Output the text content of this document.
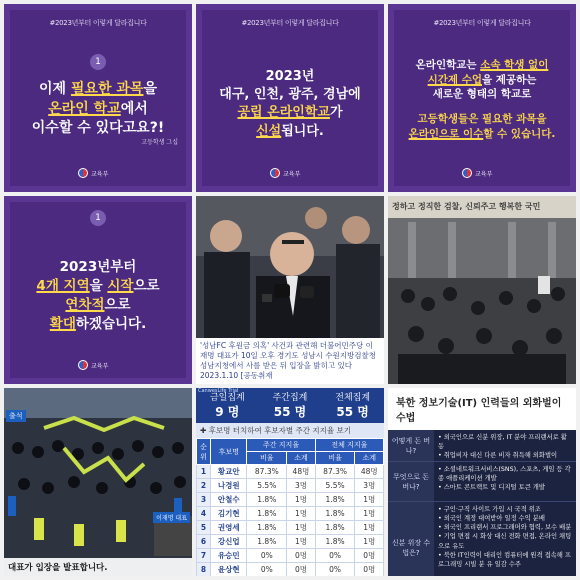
#2023년부터 이렇게 달라집니다
1
이제 필요한 과목을
온라인 학교에서
이수할 수 있다고요?!
고등학생 그십
교육부
#2023년부터 이렇게 달라집니다
2023년
대구, 인천, 광주, 경남에
공립 온라인학교가
신설됩니다.
교육부
#2023년부터 이렇게 달라집니다
온라인학교는 소속 학생 없이
시간제 수업을 제공하는
새로운 형태의 학교로
고등학생들은 필요한 과목을
온라인으로 이수할 수 있습니다.
교육부
1
2023년부터
4개 지역을 시작으로
연차적으로
확대하겠습니다.
교육부
'성남FC 후원금 의혹' 사건과 관련해 더불어민주당 이재명 대표가 10일 오후 경기도 성남시 수원지방검찰청 성남지청에서 사를 받은 뒤 입장을 밝히고 있다 2023.1.10 [공동취재
정하고 정직한 검찰, 신뢰주고 행복한 국민
출석
이재명 대표
대표가 입장을 발표합니다.
CanwesLife Trial
금일집계
9 명
주간집계
55 명
전체집계
55 명
✚ 후보명 터치하여 후보자별 주간 지지율 보기
순위	후보명	주간 지지율		전체 지지율	
		비율	소계	비율	소계
1	황교안	87.3%	48명	87.3%	48명
2	나경원	5.5%	3명	5.5%	3명
3	안철수	1.8%	1명	1.8%	1명
4	김기현	1.8%	1명	1.8%	1명
5	권영세	1.8%	1명	1.8%	1명
6	강신업	1.8%	1명	1.8%	1명
7	유승민	0%	0명	0%	0명
8	윤상현	0%	0명	0%	0명
북한 정보기술(IT) 인력들의 외화벌이 수법
어떻게 돈 버나?
• 외국인으로 신분 위장, IT 분야 프리랜서로 활동
• 취업비자 대신 다른 비자 취득해 외화벌이
무엇으로 돈 버나?
• 소셜네트워크서비스(SNS), 스포츠, 게임 등 각종 애플리케이션 개발
• 스마트 콘트랙트 및 디지털 토큰 개발
신분 위장 수법은?
• 구인·구직 사이트 가입 시 국적 위조
• 외국인 계정 대여받아 일정 수익 분배
• 외국인 프리랜서 프로그래머와 협력, 보수 배분
• 기업 면접 시 화상 대신 전화 면접, 온라인 채팅으로 유도
• 북한 IT인력이 대리인 컴퓨터에 원격 접속해 프로그래밍 시빌 분 유 일감 수주
